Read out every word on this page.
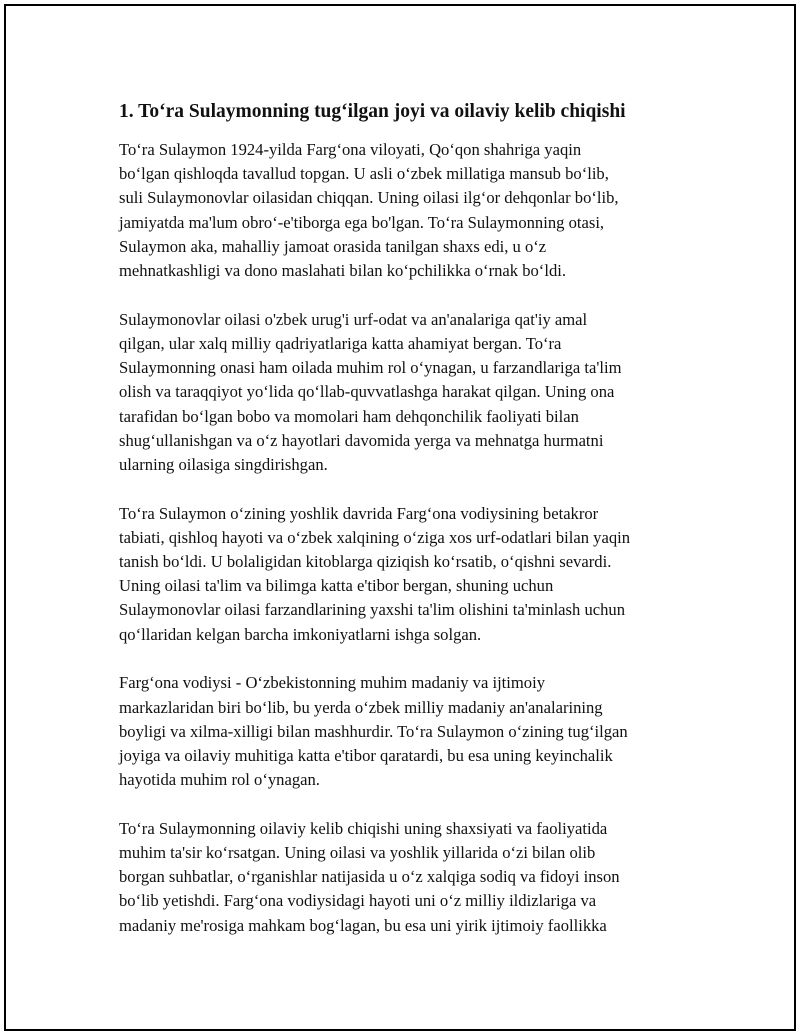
1. To‘ra Sulaymonning tug‘ilgan joyi va oilaviy kelib chiqishi
To‘ra Sulaymon 1924-yilda Farg‘ona viloyati, Qo‘qon shahriga yaqin
bo‘lgan qishloqda tavallud topgan. U asli o‘zbek millatiga mansub bo‘lib,
suli Sulaymonovlar oilasidan chiqqan. Uning oilasi ilg‘or dehqonlar bo‘lib,
jamiyatda ma'lum obro‘-e'tiborga ega bo'lgan. To‘ra Sulaymonning otasi,
Sulaymon aka, mahalliy jamoat orasida tanilgan shaxs edi, u o‘z
mehnatkashligi va dono maslahati bilan ko‘pchilikka o‘rnak bo‘ldi.
Sulaymonovlar oilasi o'zbek urug'i urf-odat va an'analariga qat'iy amal
qilgan, ular xalq milliy qadriyatlariga katta ahamiyat bergan. To‘ra
Sulaymonning onasi ham oilada muhim rol o‘ynagan, u farzandlariga ta'lim
olish va taraqqiyot yo‘lida qo‘llab-quvvatlashga harakat qilgan. Uning ona
tarafidan bo‘lgan bobo va momolari ham dehqonchilik faoliyati bilan
shug‘ullanishgan va o‘z hayotlari davomida yerga va mehnatga hurmatni
ularning oilasiga singdirishgan.
To‘ra Sulaymon o‘zining yoshlik davrida Farg‘ona vodiysining betakror
tabiati, qishloq hayoti va o‘zbek xalqining o‘ziga xos urf-odatlari bilan yaqin
tanish bo‘ldi. U bolaligidan kitoblarga qiziqish ko‘rsatib, o‘qishni sevardi.
Uning oilasi ta'lim va bilimga katta e'tibor bergan, shuning uchun
Sulaymonovlar oilasi farzandlarining yaxshi ta'lim olishini ta'minlash uchun
qo‘llaridan kelgan barcha imkoniyatlarni ishga solgan.
Farg‘ona vodiysi - O‘zbekistonning muhim madaniy va ijtimoiy
markazlaridan biri bo‘lib, bu yerda o‘zbek milliy madaniy an'analarining
boyligi va xilma-xilligi bilan mashhurdir. To‘ra Sulaymon o‘zining tug‘ilgan
joyiga va oilaviy muhitiga katta e'tibor qaratardi, bu esa uning keyinchalik
hayotida muhim rol o‘ynagan.
To‘ra Sulaymonning oilaviy kelib chiqishi uning shaxsiyati va faoliyatida
muhim ta'sir ko‘rsatgan. Uning oilasi va yoshlik yillarida o‘zi bilan olib
borgan suhbatlar, o‘rganishlar natijasida u o‘z xalqiga sodiq va fidoyi inson
bo‘lib yetishdi. Farg‘ona vodiysidagi hayoti uni o‘z milliy ildizlariga va
madaniy me'rosiga mahkam bog‘lagan, bu esa uni yirik ijtimoiy faollikka
